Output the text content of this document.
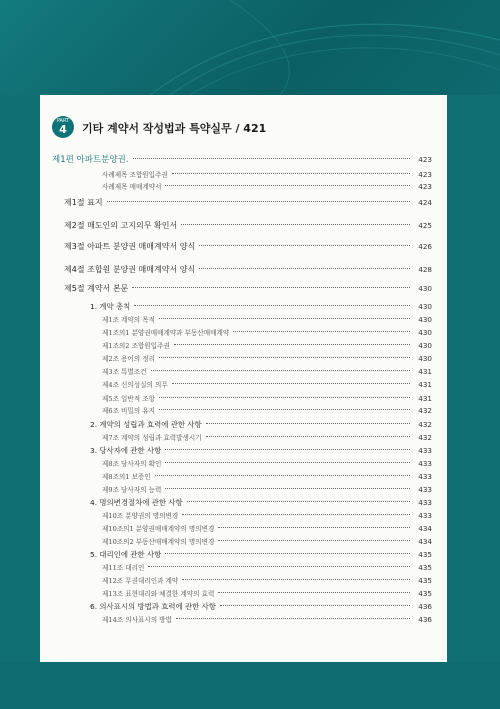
PART
4	기타 계약서 작성법과 특약실무 / 421
제1편 아파트분양권.	423
사례제목 조합원입주권	423
사례제목 매매계약서	423
제1절 표지	424
제2절 매도인의 고지의무 확인서	425
제3절 아파트 분양권 매매계약서 양식	426
제4절 조합원 분양권 매매계약서 양식	428
제5절 계약서 본문	430
1. 계약 총칙	430
제1조 계약의 목적	430
제1조의1 분양권매매계약과 부동산매매계약	430
제1조의2 조합원입주권	430
제2조 용어의 정리	430
제3조 특별조건	431
제4조 신의성실의 의무	431
제5조 일반적 조항	431
제6조 비밀의 유지	432
2. 계약의 성립과 효력에 관한 사항	432
제7조 계약의 성립과 효력발생시기	432
3. 당사자에 관한 사항	433
제8조 당사자의 확인	433
제8조의1 보증인	433
제9조 당사자의 능력	433
4. 명의변경절차에 관한 사항	433
제10조 분양권의 명의변경	433
제10조의1 분양권매매계약의 명의변경	434
제10조의2 부동산매매계약의 명의변경	434
5. 대리인에 관한 사항	435
제11조 대리인	435
제12조 무권대리인과 계약	435
제13조 표현대리와 체결한 계약의 효력	435
6. 의사표시의 방법과 효력에 관한 사항	436
제14조 의사표시의 방법	436
